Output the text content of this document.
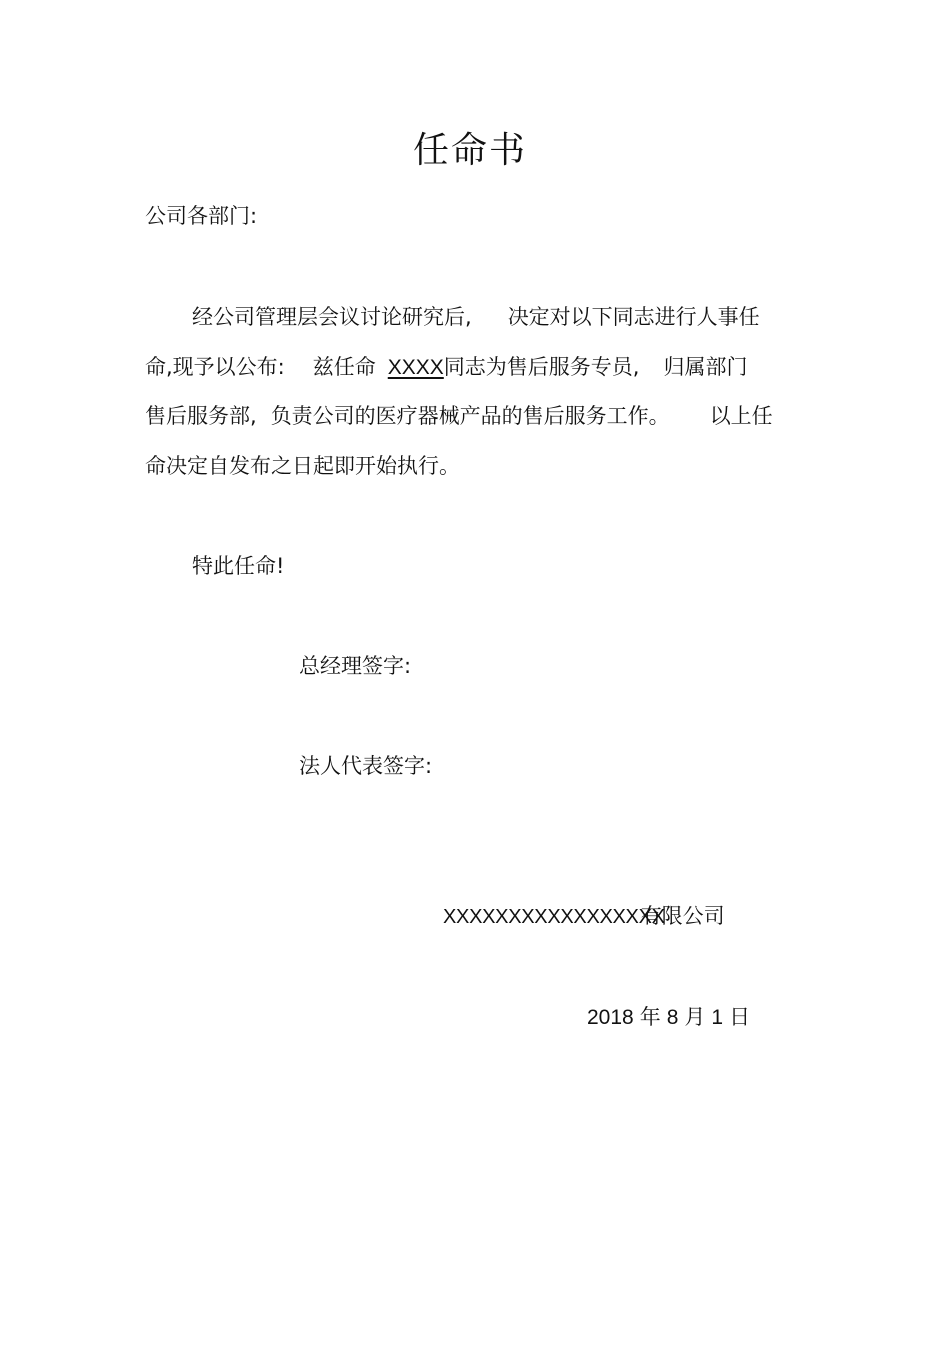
任命书
公司各部门:
经公司管理层会议讨论研究后, 决定对以下同志进行人事任
命,现予以公布: 兹任命 XXXX同志为售后服务专员, 归属部门
售后服务部, 负责公司的医疗器械产品的售后服务工作。 以上任
命决定自发布之日起即开始执行。
特此任命!
总经理签字:
法人代表签字:
XXXXXXXXXXXXXXXXX有限公司
2018 年 8 月 1 日
